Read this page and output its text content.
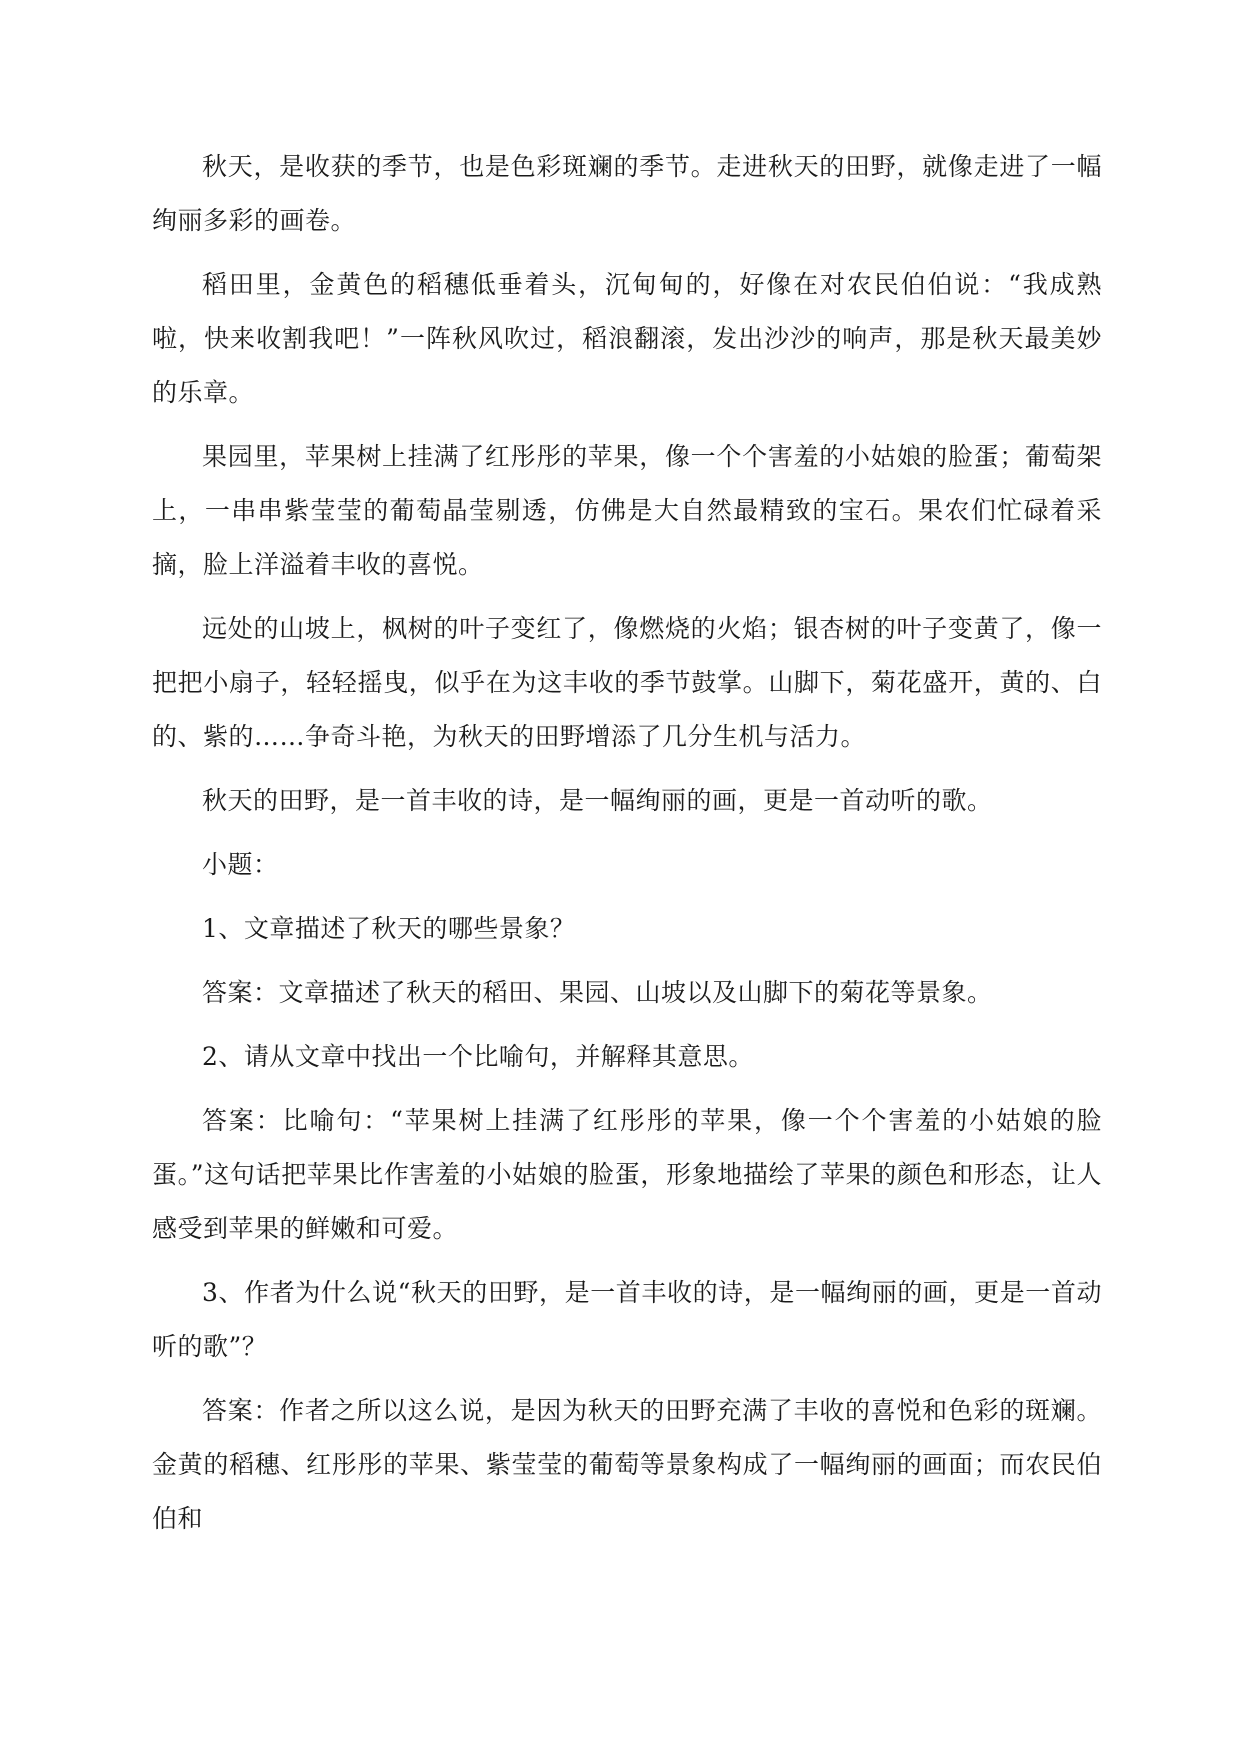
秋天，是收获的季节，也是色彩斑斓的季节。走进秋天的田野，就像走进了一幅绚丽多彩的画卷。

稻田里，金黄色的稻穗低垂着头，沉甸甸的，好像在对农民伯伯说：“我成熟啦，快来收割我吧！”一阵秋风吹过，稻浪翻滚，发出沙沙的响声，那是秋天最美妙的乐章。

果园里，苹果树上挂满了红彤彤的苹果，像一个个害羞的小姑娘的脸蛋；葡萄架上，一串串紫莹莹的葡萄晶莹剔透，仿佛是大自然最精致的宝石。果农们忙碌着采摘，脸上洋溢着丰收的喜悦。

远处的山坡上，枫树的叶子变红了，像燃烧的火焰；银杏树的叶子变黄了，像一把把小扇子，轻轻摇曳，似乎在为这丰收的季节鼓掌。山脚下，菊花盛开，黄的、白的、紫的……争奇斗艳，为秋天的田野增添了几分生机与活力。

秋天的田野，是一首丰收的诗，是一幅绚丽的画，更是一首动听的歌。

小题：

1、文章描述了秋天的哪些景象？

答案：文章描述了秋天的稻田、果园、山坡以及山脚下的菊花等景象。

2、请从文章中找出一个比喻句，并解释其意思。

答案：比喻句：“苹果树上挂满了红彤彤的苹果，像一个个害羞的小姑娘的脸蛋。”这句话把苹果比作害羞的小姑娘的脸蛋，形象地描绘了苹果的颜色和形态，让人感受到苹果的鲜嫩和可爱。

3、作者为什么说“秋天的田野，是一首丰收的诗，是一幅绚丽的画，更是一首动听的歌”？

答案：作者之所以这么说，是因为秋天的田野充满了丰收的喜悦和色彩的斑斓。金黄的稻穗、红彤彤的苹果、紫莹莹的葡萄等景象构成了一幅绚丽的画面；而农民伯伯和
